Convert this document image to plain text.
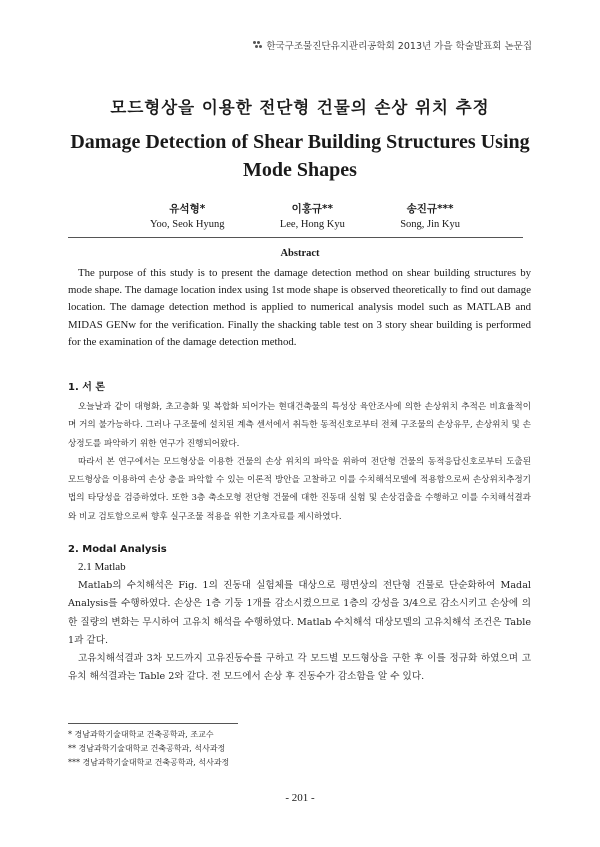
한국구조물진단유지관리공학회 2013년 가을 학술발표회 논문집
모드형상을 이용한 전단형 건물의 손상 위치 추정
Damage Detection of Shear Building Structures Using Mode Shapes
유석형*
Yoo, Seok Hyung
이홍규**
Lee, Hong Kyu
송진규***
Song, Jin Kyu
Abstract
The purpose of this study is to present the damage detection method on shear building structures by mode shape. The damage location index using 1st mode shape is observed theoretically to find out damage location. The damage detection method is applied to numerical analysis model such as MATLAB and MIDAS GENw for the verification. Finally the shacking table test on 3 story shear building is performed for the examination of the damage detection method.
1. 서 론

오늘날과 같이 대형화, 초고층화 및 복합화 되어가는 현대건축물의 특성상 육안조사에 의한 손상위치 추적은 비효율적이며 거의 불가능하다. 그러나 구조물에 설치된 계측 센서에서 취득한 동적신호로부터 전체 구조물의 손상유무, 손상위치 및 손상정도를 파악하기 위한 연구가 진행되어왔다.

따라서 본 연구에서는 모드형상을 이용한 건물의 손상 위치의 파악을 위하여 전단형 건물의 동적응답신호로부터 도출된 모드형상을 이용하여 손상 층을 파악할 수 있는 이론적 방안을 고찰하고 이를 수치해석모델에 적용함으로써 손상위치추정기법의 타당성을 검증하였다. 또한 3층 축소모형 전단형 건물에 대한 진동대 실험 및 손상검출을 수행하고 이를 수치해석결과와 비교 검토함으로써 향후 실구조물 적용을 위한 기초자료를 제시하였다.

2. Modal Analysis
2.1 Matlab

Matlab의 수치해석은 Fig. 1의 진동대 실험체를 대상으로 평면상의 전단형 건물로 단순화하여 Madal Analysis를 수행하였다. 손상은 1층 기둥 1개를 감소시켰으므로 1층의 강성을 3/4으로 감소시키고 손상에 의한 질량의 변화는 무시하여 고유치 해석을 수행하였다. Matlab 수치해석 대상모델의 고유치해석 조건은 Table 1과 같다.

고유치해석결과 3차 모드까지 고유진동수를 구하고 각 모드별 모드형상을 구한 후 이를 정규화 하였으며 고유치 해석결과는 Table 2와 같다. 전 모드에서 손상 후 진동수가 감소함을 알 수 있다.

* 경남과학기술대학교 건축공학과, 조교수
** 경남과학기술대학교 건축공학과, 석사과정
*** 경남과학기술대학교 건축공학과, 석사과정
- 201 -
